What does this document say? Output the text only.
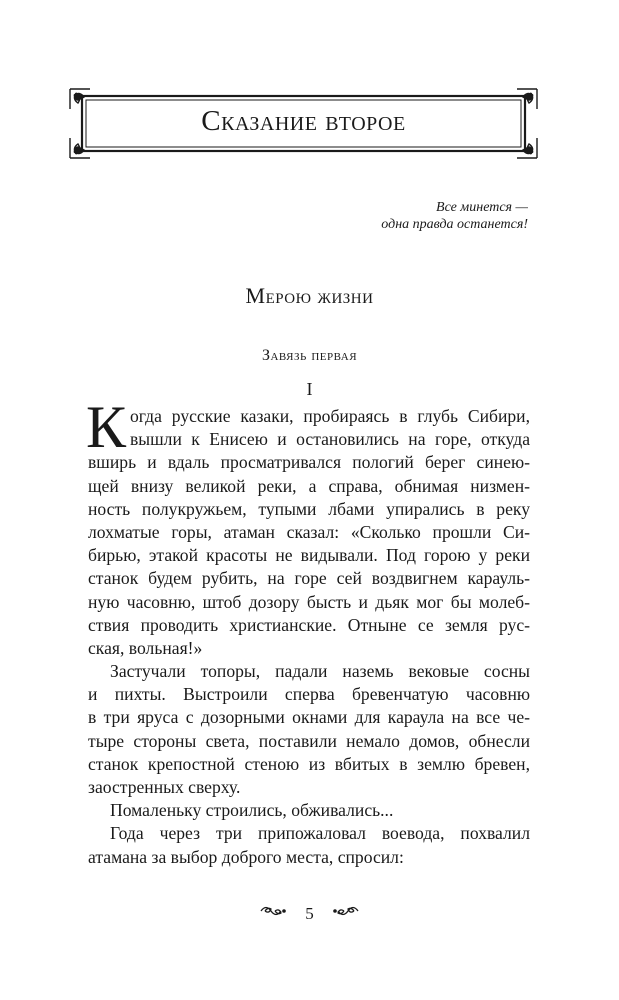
Сказание второе
Все минется —
одна правда останется!
Мерою жизни
Завязь первая
I
К огда русские казаки, пробираясь в глубь Сибири,
вышли к Енисею и остановились на горе, откуда
вширь и вдаль просматривался пологий берег синею-
щей внизу великой реки, а справа, обнимая низмен-
ность полукружьем, тупыми лбами упирались в реку
лохматые горы, атаман сказал: «Сколько прошли Си-
бирью, этакой красоты не видывали. Под горою у реки
станок будем рубить, на горе сей воздвигнем карауль-
ную часовню, штоб дозору бысть и дьяк мог бы молеб-
ствия проводить христианские. Отныне се земля рус-
ская, вольная!»
Застучали топоры, падали наземь вековые сосны
и пихты. Выстроили сперва бревенчатую часовню
в три яруса с дозорными окнами для караула на все че-
тыре стороны света, поставили немало домов, обнесли
станок крепостной стеною из вбитых в землю бревен,
заостренных сверху.
Помаленьку строились, обживались...
Года через три припожаловал воевода, похвалил
атамана за выбор доброго места, спросил:
5
